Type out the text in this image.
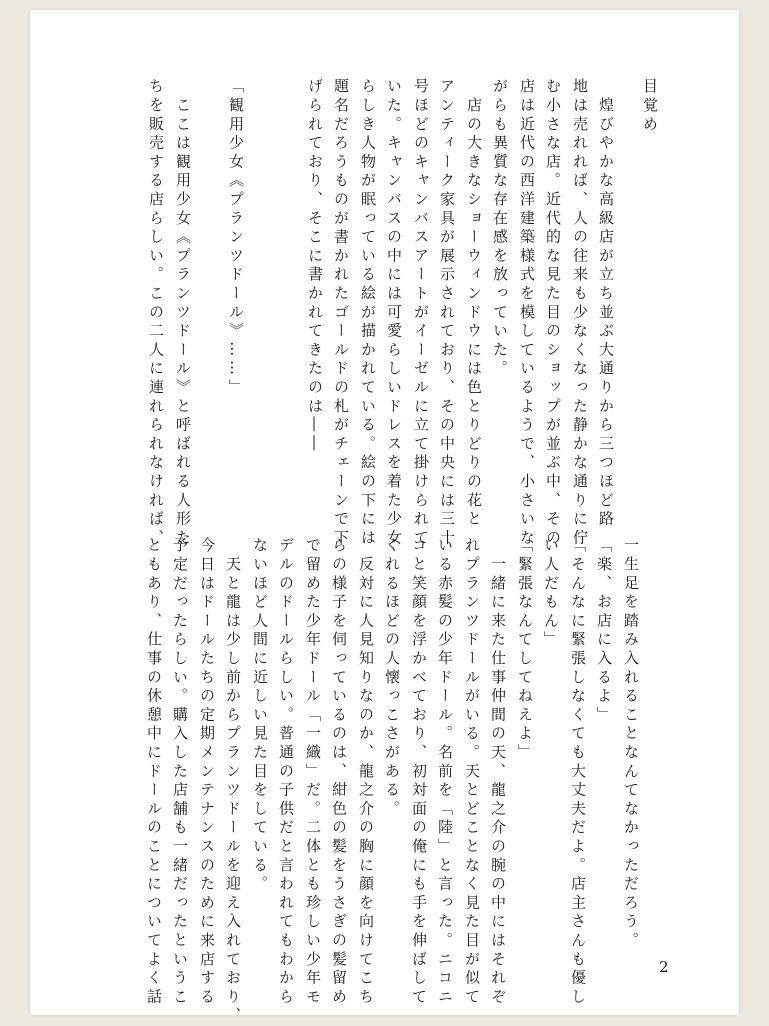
目覚め
　煌びやかな高級店が立ち並ぶ大通りから三つほど路
地は売れれば、人の往来も少なくなった静かな通りに佇
む小さな店。近代的な見た目のショップが並ぶ中、その
店は近代の西洋建築様式を模しているようで、小さいな
がらも異質な存在感を放っていた。
　店の大きなショーウィンドウには色とりどりの花と
アンティーク家具が展示されており、その中央には三十
号ほどのキャンバスアートがイーゼルに立て掛けられて
いた。キャンバスの中には可愛らしいドレスを着た少女
らしき人物が眠っている絵が描かれている。絵の下には
題名だろうものが書かれたゴールドの札がチェーンで下
げられており、そこに書かれてきたのは――
「観用少女《プランツドール》……」
　ここは観用少女《プランツドール》と呼ばれる人形た
ちを販売する店らしい。この二人に連れられなければ、
一生足を踏み入れることなんてなかっただろう。
「楽、お店に入るよ」
「そんなに緊張しなくても大丈夫だよ。店主さんも優し
い人だもん」
「緊張なんてしてねえよ」
　一緒に来た仕事仲間の天、龍之介の腕の中にはそれぞ
れプランツドールがいる。天とどことなく見た目が似て
いる赤髪の少年ドール。名前を「陸」と言った。ニコニ
コと笑顔を浮かべており、初対面の俺にも手を伸ばして
くれるほどの人懐っこさがある。
　反対に人見知りなのか、龍之介の胸に顔を向けてこち
らの様子を伺っているのは、紺色の髪をうさぎの髪留め
で留めた少年ドール「一織」だ。二体とも珍しい少年モ
デルのドールらしい。普通の子供だと言われてもわから
ないほど人間に近しい見た目をしている。
　天と龍は少し前からプランツドールを迎え入れており、
今日はドールたちの定期メンテナンスのために来店する
予定だったらしい。購入した店舗も一緒だったというこ
ともあり、仕事の休憩中にドールのことについてよく話	2
